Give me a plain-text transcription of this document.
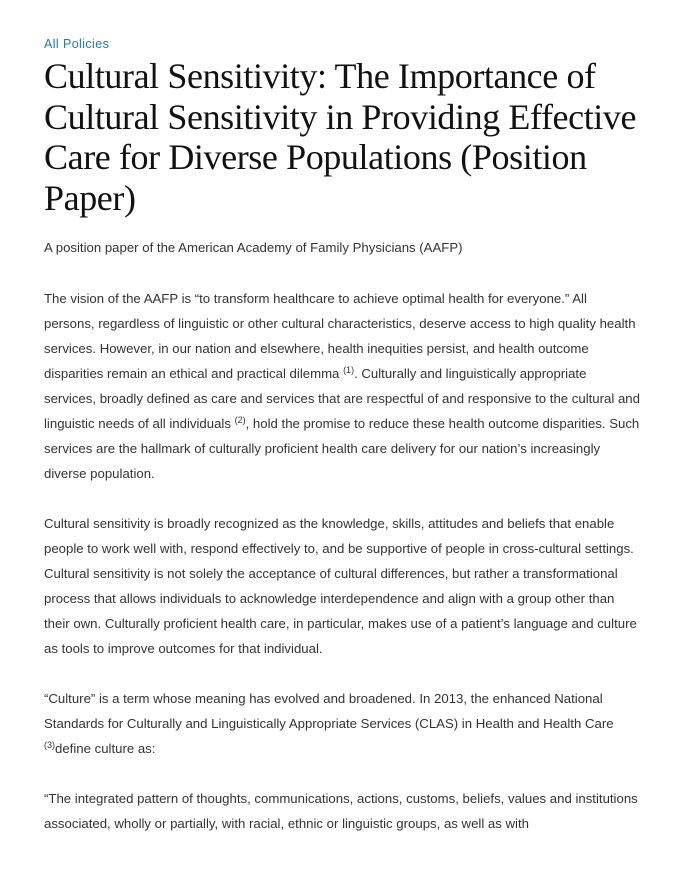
All Policies
Cultural Sensitivity: The Importance of Cultural Sensitivity in Providing Effective Care for Diverse Populations (Position Paper)

A position paper of the American Academy of Family Physicians (AAFP)

The vision of the AAFP is “to transform healthcare to achieve optimal health for everyone.” All persons, regardless of linguistic or other cultural characteristics, deserve access to high quality health services. However, in our nation and elsewhere, health inequities persist, and health outcome disparities remain an ethical and practical dilemma $^{(1)}$. Culturally and linguistically appropriate services, broadly defined as care and services that are respectful of and responsive to the cultural and linguistic needs of all individuals $^{(2)}$, hold the promise to reduce these health outcome disparities. Such services are the hallmark of culturally proficient health care delivery for our nation’s increasingly diverse population.

Cultural sensitivity is broadly recognized as the knowledge, skills, attitudes and beliefs that enable people to work well with, respond effectively to, and be supportive of people in cross-cultural settings. Cultural sensitivity is not solely the acceptance of cultural differences, but rather a transformational process that allows individuals to acknowledge interdependence and align with a group other than their own. Culturally proficient health care, in particular, makes use of a patient’s language and culture as tools to improve outcomes for that individual.

“Culture” is a term whose meaning has evolved and broadened. In 2013, the enhanced National Standards for Culturally and Linguistically Appropriate Services (CLAS) in Health and Health Care $^{(3)}$define culture as:

“The integrated pattern of thoughts, communications, actions, customs, beliefs, values and institutions associated, wholly or partially, with racial, ethnic or linguistic groups, as well as with
